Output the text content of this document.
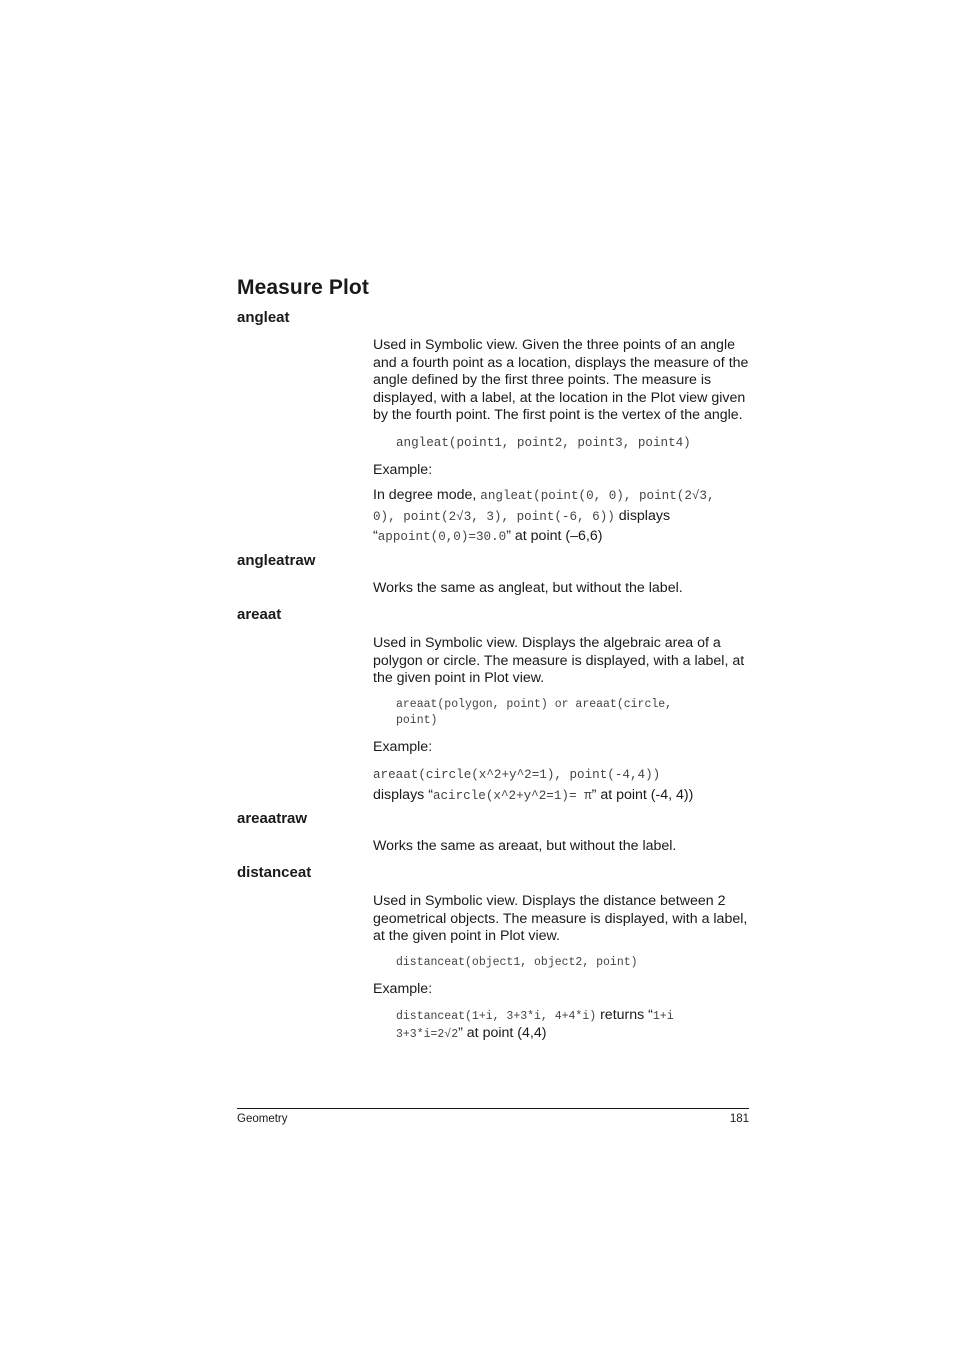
Measure Plot
angleat
Used in Symbolic view. Given the three points of an angle and a fourth point as a location, displays the measure of the angle defined by the first three points. The measure is displayed, with a label, at the location in the Plot view given by the fourth point. The first point is the vertex of the angle.
angleat(point1, point2, point3, point4)
Example:
In degree mode, angleat(point(0, 0), point(2√3,
0), point(2√3, 3), point(-6, 6)) displays
“appoint(0,0)=30.0” at point (–6,6)
angleatraw
Works the same as angleat, but without the label.
areaat
Used in Symbolic view. Displays the algebraic area of a polygon or circle. The measure is displayed, with a label, at the given point in Plot view.
areaat(polygon, point) or areaat(circle,
point)
Example:
areaat(circle(x^2+y^2=1), point(-4,4))
displays “acircle(x^2+y^2=1)= π” at point (-4, 4))
areaatraw
Works the same as areaat, but without the label.
distanceat
Used in Symbolic view. Displays the distance between 2 geometrical objects. The measure is displayed, with a label, at the given point in Plot view.
distanceat(object1, object2, point)
Example:
distanceat(1+i, 3+3*i, 4+4*i) returns “1+i
3+3*i=2√2” at point (4,4)
Geometry	181
